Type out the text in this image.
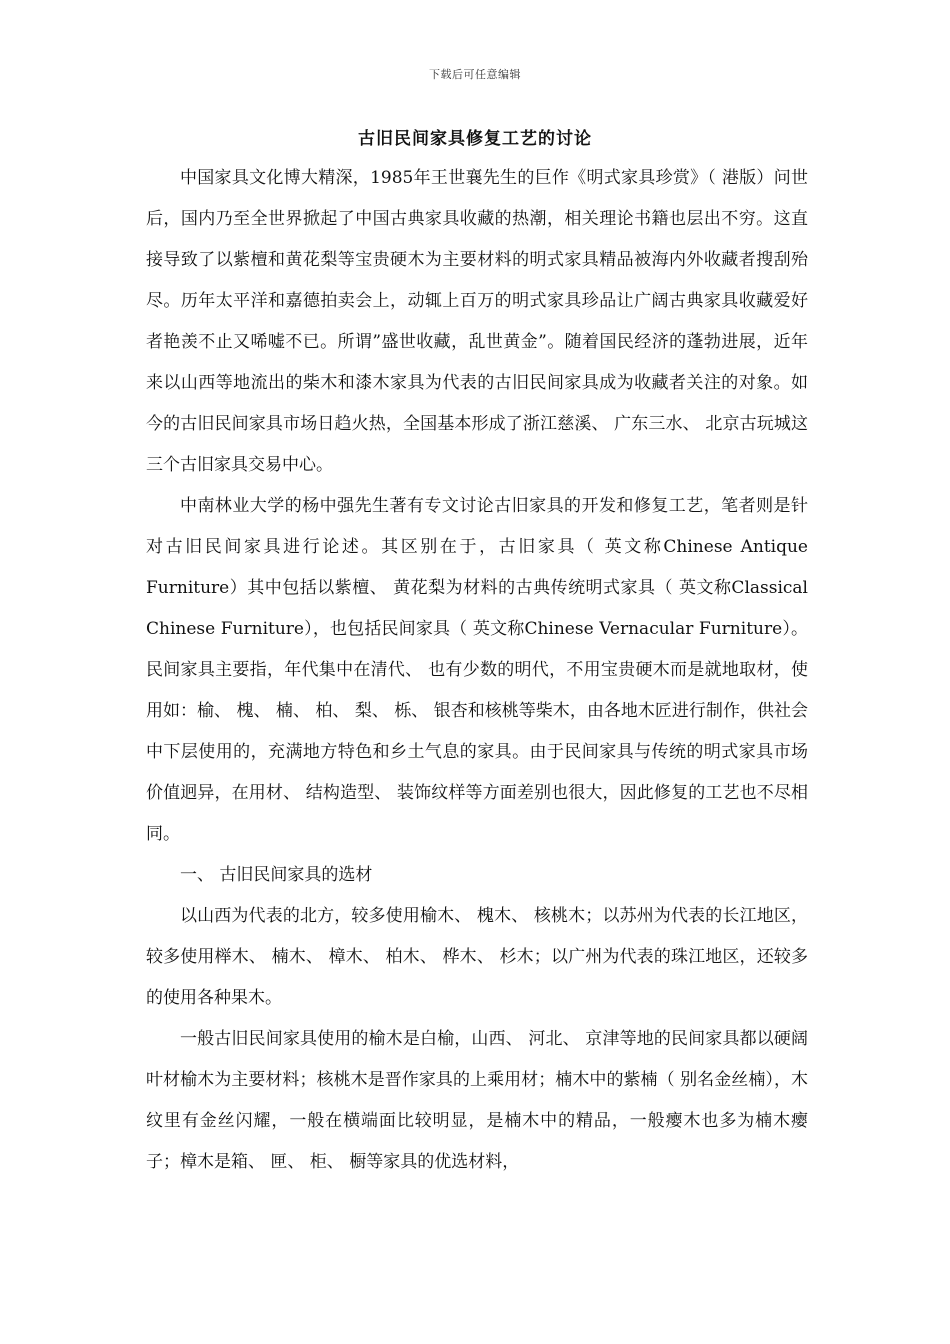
下载后可任意编辑
古旧民间家具修复工艺的讨论

中国家具文化博大精深，1985年王世襄先生的巨作《明式家具珍赏》（ 港版）问世后，国内乃至全世界掀起了中国古典家具收藏的热潮，相关理论书籍也层出不穷。这直接导致了以紫檀和黄花梨等宝贵硬木为主要材料的明式家具精品被海内外收藏者搜刮殆尽。历年太平洋和嘉德拍卖会上，动辄上百万的明式家具珍品让广阔古典家具收藏爱好者艳羡不止又唏嘘不已。所谓”盛世收藏，乱世黄金”。随着国民经济的蓬勃进展，近年来以山西等地流出的柴木和漆木家具为代表的古旧民间家具成为收藏者关注的对象。如今的古旧民间家具市场日趋火热，全国基本形成了浙江慈溪、 广东三水、 北京古玩城这三个古旧家具交易中心。

中南林业大学的杨中强先生著有专文讨论古旧家具的开发和修复工艺，笔者则是针对古旧民间家具进行论述。其区别在于，古旧家具（ 英文称Chinese Antique Furniture）其中包括以紫檀、 黄花梨为材料的古典传统明式家具（ 英文称Classical Chinese Furniture），也包括民间家具（ 英文称Chinese Vernacular Furniture）。民间家具主要指，年代集中在清代、 也有少数的明代，不用宝贵硬木而是就地取材，使用如：榆、 槐、 楠、 柏、 梨、 栎、 银杏和核桃等柴木，由各地木匠进行制作，供社会中下层使用的，充满地方特色和乡土气息的家具。由于民间家具与传统的明式家具市场价值迥异，在用材、 结构造型、 装饰纹样等方面差别也很大，因此修复的工艺也不尽相同。

一、 古旧民间家具的选材

以山西为代表的北方，较多使用榆木、 槐木、 核桃木；以苏州为代表的长江地区，较多使用榉木、 楠木、 樟木、 柏木、 桦木、 杉木；以广州为代表的珠江地区，还较多的使用各种果木。

一般古旧民间家具使用的榆木是白榆，山西、 河北、 京津等地的民间家具都以硬阔叶材榆木为主要材料；核桃木是晋作家具的上乘用材；楠木中的紫楠（ 别名金丝楠），木纹里有金丝闪耀，一般在横端面比较明显，是楠木中的精品，一般瘿木也多为楠木瘿子；樟木是箱、 匣、 柜、 橱等家具的优选材料，
